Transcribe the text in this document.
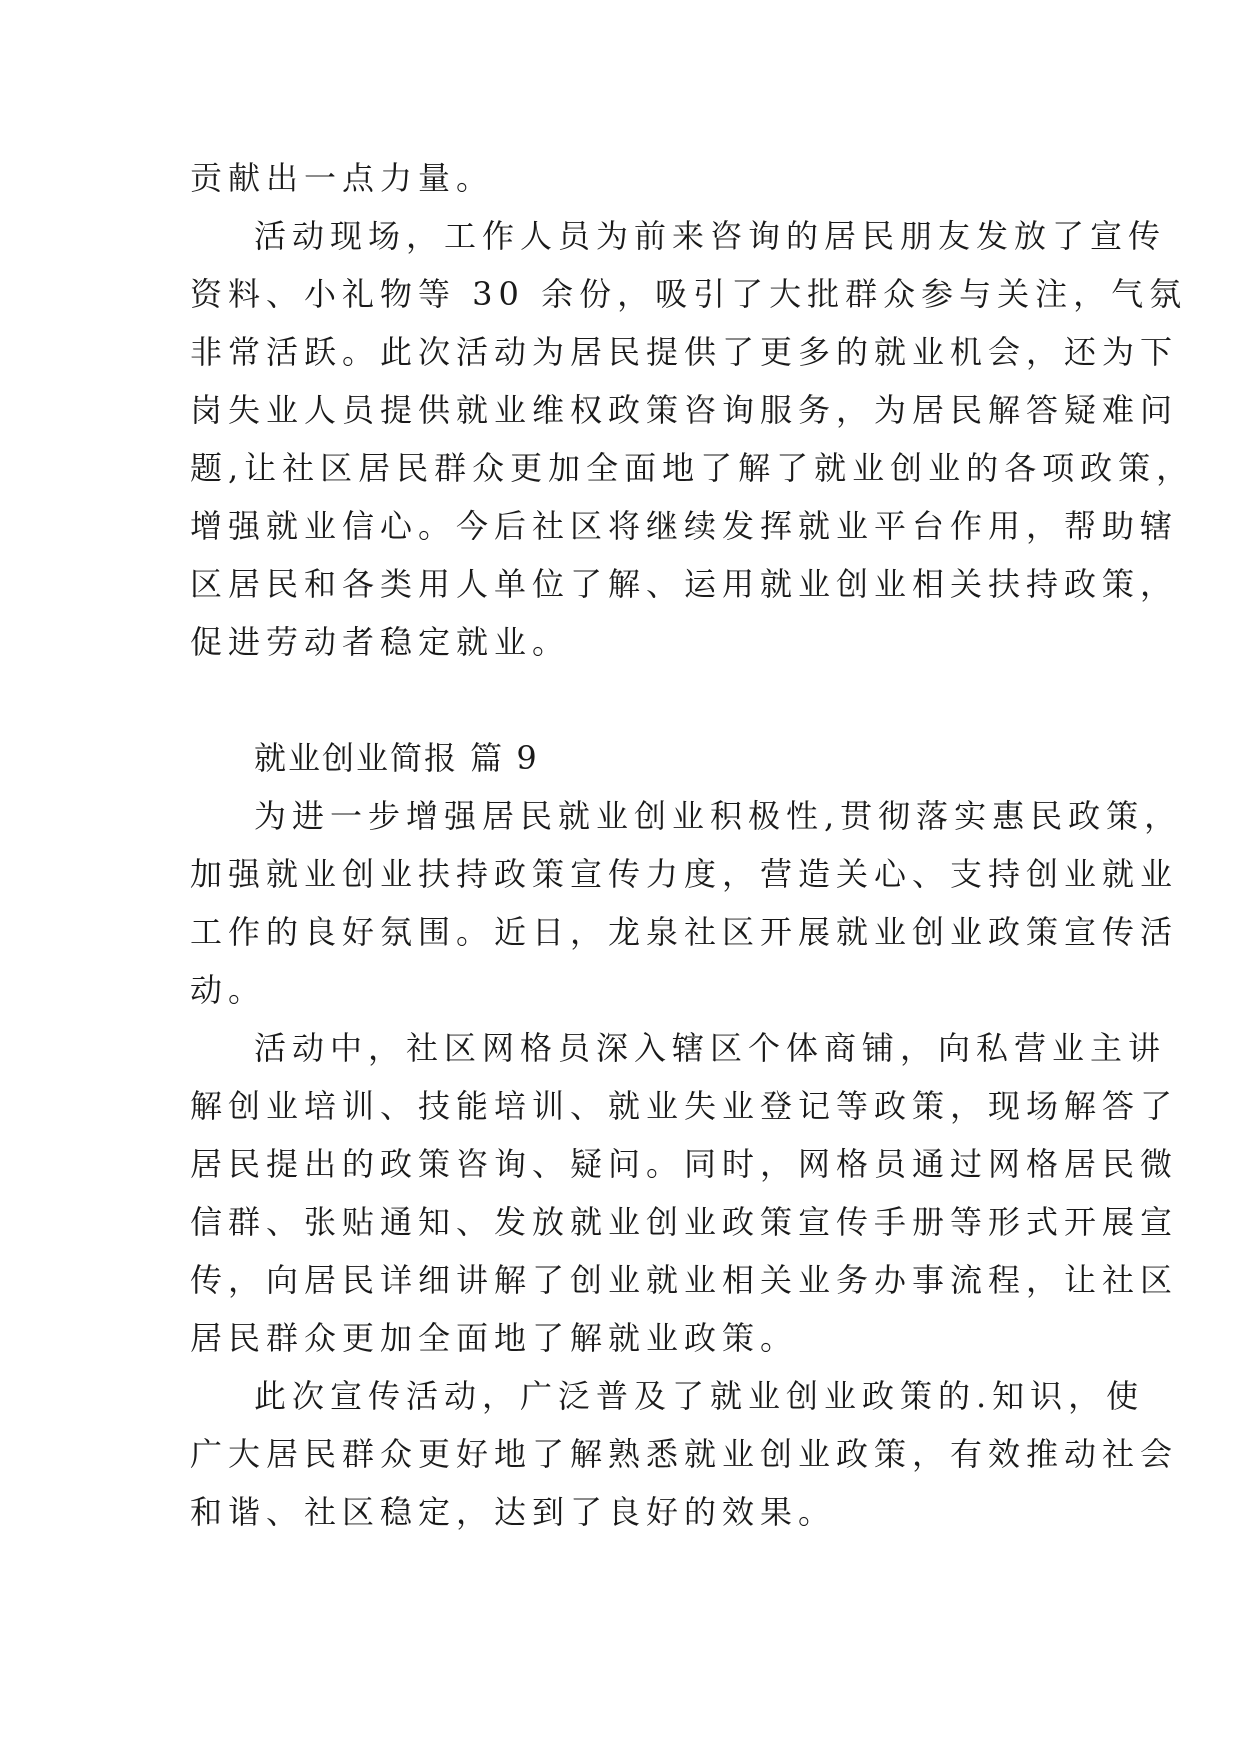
贡献出一点力量。
活动现场，工作人员为前来咨询的居民朋友发放了宣传
资料、小礼物等 30 余份，吸引了大批群众参与关注，气氛
非常活跃。此次活动为居民提供了更多的就业机会，还为下
岗失业人员提供就业维权政策咨询服务，为居民解答疑难问
题,让社区居民群众更加全面地了解了就业创业的各项政策，
增强就业信心。今后社区将继续发挥就业平台作用，帮助辖
区居民和各类用人单位了解、运用就业创业相关扶持政策，
促进劳动者稳定就业。
就业创业简报 篇 9
为进一步增强居民就业创业积极性,贯彻落实惠民政策，
加强就业创业扶持政策宣传力度，营造关心、支持创业就业
工作的良好氛围。近日，龙泉社区开展就业创业政策宣传活
动。
活动中，社区网格员深入辖区个体商铺，向私营业主讲
解创业培训、技能培训、就业失业登记等政策，现场解答了
居民提出的政策咨询、疑问。同时，网格员通过网格居民微
信群、张贴通知、发放就业创业政策宣传手册等形式开展宣
传，向居民详细讲解了创业就业相关业务办事流程，让社区
居民群众更加全面地了解就业政策。
此次宣传活动，广泛普及了就业创业政策的.知识，使
广大居民群众更好地了解熟悉就业创业政策，有效推动社会
和谐、社区稳定，达到了良好的效果。
